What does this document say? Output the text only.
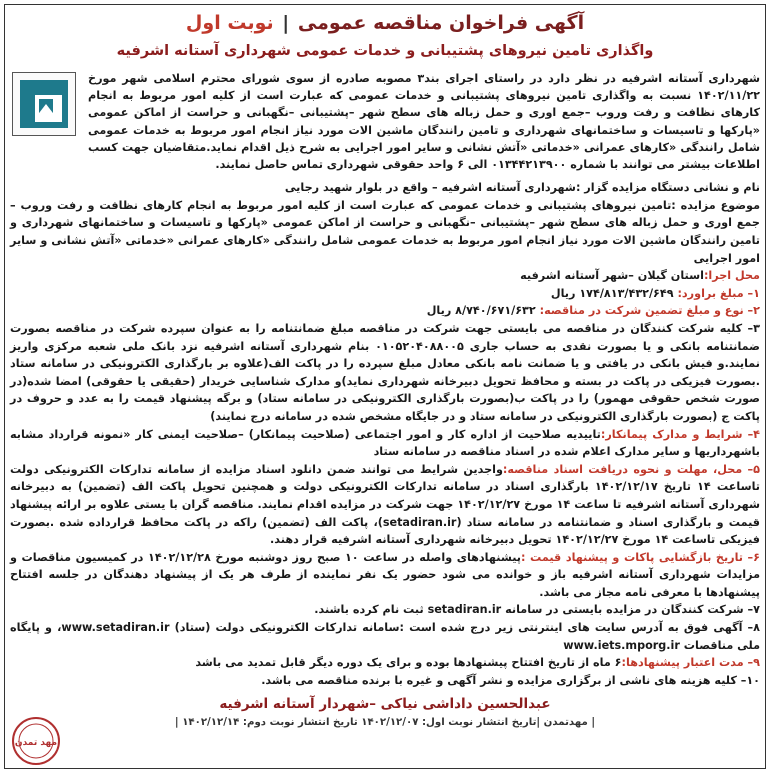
آگهی فراخوان مناقصه عمومی | نوبت اول
واگذاری تامین نیروهای پشتیبانی و خدمات عمومی شهرداری آستانه اشرفیه
شهرداری آستانه اشرفیه در نظر دارد در راستای اجرای بند۳ مصوبه صادره از سوی شورای محترم اسلامی شهر مورخ ۱۴۰۲/۱۱/۲۲ نسبت به واگذاری تامین نیروهای پشتیبانی و خدمات عمومی که عبارت است از کلیه امور مربوط به انجام کارهای نظافت و رفت وروب –جمع اوری و حمل زباله های سطح شهر –پشتیبانی –نگهبانی و حراست از اماکن عمومی «پارکها و تاسیسات و ساختمانهای شهرداری و تامین رانندگان ماشین الات مورد نیاز انجام امور مربوط به خدمات عمومی شامل رانندگی «کارهای عمرانی «خدماتی «آتش نشانی و سایر امور اجرایی به شرح ذیل اقدام نماید.متقاضیان جهت کسب اطلاعات بیشتر می توانند با شماره ۰۱۳۴۴۲۱۳۹۰۰ الی ۶ واحد حقوقی شهرداری تماس حاصل نمایند.

نام و نشانی دستگاه مزایده گزار :شهرداری آستانه اشرفیه – واقع در بلوار شهید رجایی

موضوع مزایده :تامین نیروهای پشتیبانی و خدمات عمومی که عبارت است از کلیه امور مربوط به انجام کارهای نظافت و رفت وروب –جمع اوری و حمل زباله های سطح شهر –پشتیبانی –نگهبانی و حراست از اماکن عمومی «پارکها و تاسیسات و ساختمانهای شهرداری و تامین رانندگان ماشین الات مورد نیاز انجام امور مربوط به خدمات عمومی شامل رانندگی «کارهای عمرانی «خدماتی «آتش نشانی و سایر امور اجرایی

محل اجرا:استان گیلان –شهر آستانه اشرفیه

۱– مبلغ براورد: ۱۷۴/۸۱۳/۴۳۲/۶۴۹ ریال

۲– نوع و مبلغ تضمین شرکت در مناقصه: ۸/۷۴۰/۶۷۱/۶۳۲ ریال

۳– کلیه شرکت کنندگان در مناقصه می بایستی جهت شرکت در مناقصه مبلغ ضمانتنامه را به عنوان سپرده شرکت در مناقصه بصورت ضمانتنامه بانکی و یا بصورت نقدی به حساب جاری ۰۱۰۵۲۰۴۰۸۸۰۰۵ بنام شهرداری آستانه اشرفیه نزد بانک ملی شعبه مرکزی واریز نمایند.و فیش بانکی در یافتی و یا ضمانت نامه بانکی معادل مبلغ سپرده را در پاکت الف(علاوه بر بارگذاری الکترونیکی در سامانه ستاد .بصورت فیزیکی در پاکت در بسته و محافظ تحویل دبیرخانه شهرداری نماید)و مدارک شناسایی خریدار (حقیقی یا حقوقی) امضا شده(در صورت شخص حقوقی مهمور) را در پاکت ب(بصورت بارگذاری الکترونیکی در سامانه ستاد) و برگه پیشنهاد قیمت را به عدد و حروف در پاکت ج (بصورت بارگذاری الکترونیکی در سامانه ستاد و در جایگاه مشخص شده در سامانه درج نمایند)

۴– شرایط و مدارک پیمانکار:تاییدیه صلاحیت از اداره کار و امور اجتماعی (صلاحیت پیمانکار) –صلاحیت ایمنی کار «نمونه قرارداد مشابه باشهرداریها و سایر مدارک اعلام شده در اسناد مناقصه در سامانه ستاد

۵– محل، مهلت و نحوه دریافت اسناد مناقصه:واجدین شرایط می توانند ضمن دانلود اسناد مزایده از سامانه تدارکات الکترونیکی دولت تاساعت ۱۴ تاریخ ۱۴۰۲/۱۲/۱۷ بارگذاری اسناد در سامانه تدارکات الکترونیکی دولت و همچنین تحویل پاکت الف (تضمین) به دبیرخانه شهرداری آستانه اشرفیه تا ساعت ۱۴ مورخ ۱۴۰۲/۱۲/۲۷ جهت شرکت در مزایده اقدام نمایند. مناقصه گران با یستی علاوه بر ارائه پیشنهاد قیمت و بارگذاری اسناد و ضمانتنامه در سامانه ستاد (setadiran.ir)، پاکت الف (تضمین) راکه در پاکت محافظ قرارداده شده .بصورت فیزیکی تاساعت ۱۴ مورخ ۱۴۰۲/۱۲/۲۷ تحویل دبیرخانه شهرداری آستانه اشرفیه قرار دهند.

۶– تاریخ بازگشایی پاکات و پیشنهاد قیمت :پیشنهادهای واصله در ساعت ۱۰ صبح روز دوشنبه مورخ ۱۴۰۲/۱۲/۲۸ در کمیسیون مناقصات و مزایدات شهرداری آستانه اشرفیه باز و خوانده می شود حضور یک نفر نماینده از طرف هر یک از پیشنهاد دهندگان در جلسه افتتاح پیشنهادها با معرفی نامه مجاز می باشد.

۷– شرکت کنندگان در مزایده بایستی در سامانه setadiran.ir ثبت نام کرده باشند.

۸– آگهی فوق به آدرس سایت های اینترنتی زیر درج شده است :سامانه تدارکات الکترونیکی دولت (ستاد) www.setadiran.ir، و پایگاه ملی مناقصات www.iets.mporg.ir

۹– مدت اعتبار پیشنهادها:۶ ماه از تاریخ افتتاح پیشنهادها بوده و برای یک دوره دیگر قابل تمدید می باشد

۱۰– کلیه هزینه های ناشی از برگزاری مزایده و نشر آگهی و غیره با برنده مناقصه می باشد.

عبدالحسین داداشی نیاکی –شهردار آستانه اشرفیه
| مهدتمدن |تاریخ انتشار نوبت اول: ۱۴۰۲/۱۲/۰۷ تاریخ انتشار نوبت دوم: ۱۴۰۲/۱۲/۱۴ |
مهد تمدن
